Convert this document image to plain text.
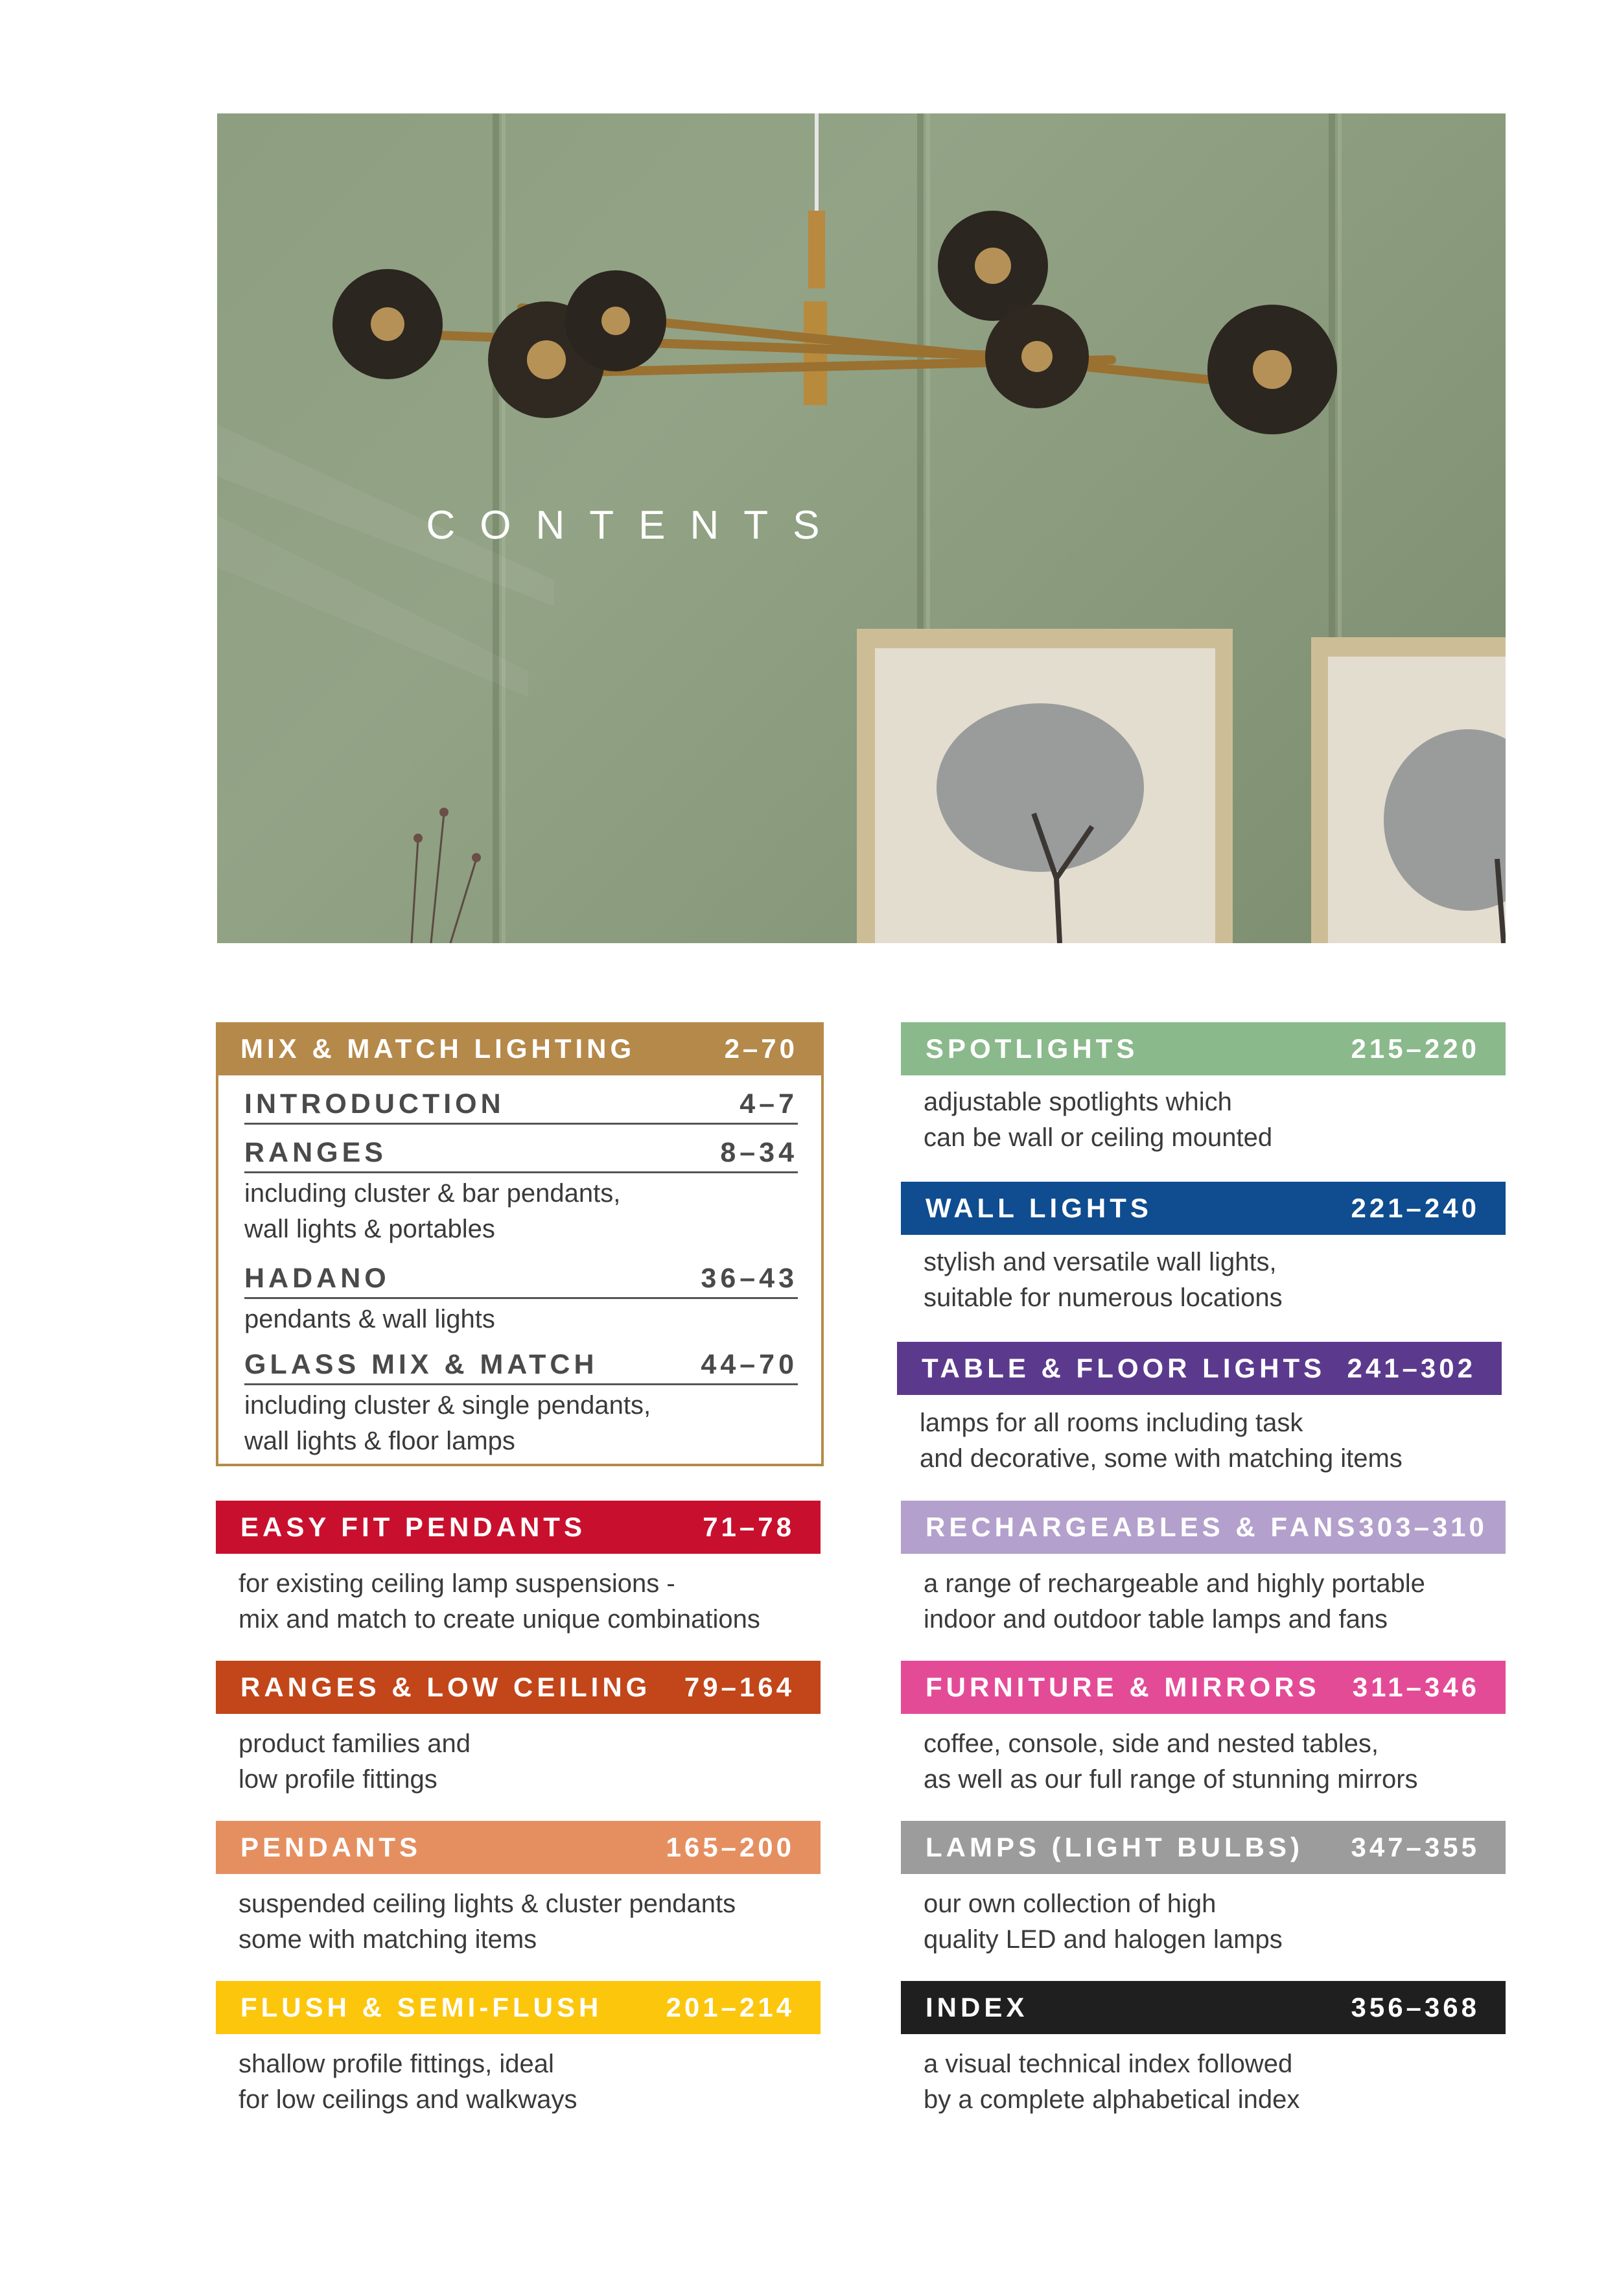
CONTENTS
MIX & MATCH LIGHTING	2–70
INTRODUCTION	4–7
RANGES	8–34
including cluster & bar pendants,
wall lights & portables
HADANO	36–43
pendants & wall lights
GLASS MIX & MATCH	44–70
including cluster & single pendants,
wall lights & floor lamps
EASY FIT PENDANTS	71–78
for existing ceiling lamp suspensions -
mix and match to create unique combinations
RANGES & LOW CEILING 79–164
product families and
low profile fittings
PENDANTS	165–200
suspended ceiling lights & cluster pendants
some with matching items
FLUSH & SEMI-FLUSH 201–214
shallow profile fittings, ideal
for low ceilings and walkways
SPOTLIGHTS	215–220
adjustable spotlights which
can be wall or ceiling mounted
WALL LIGHTS	221–240
stylish and versatile wall lights,
suitable for numerous locations
TABLE & FLOOR LIGHTS 241–302
lamps for all rooms including task
and decorative, some with matching items
RECHARGEABLES & FANS 303–310
a range of rechargeable and highly portable
indoor and outdoor table lamps and fans
FURNITURE & MIRRORS 311–346
coffee, console, side and nested tables,
as well as our full range of stunning mirrors
LAMPS (LIGHT BULBS) 347–355
our own collection of high
quality LED and halogen lamps
INDEX	356–368
a visual technical index followed
by a complete alphabetical index
